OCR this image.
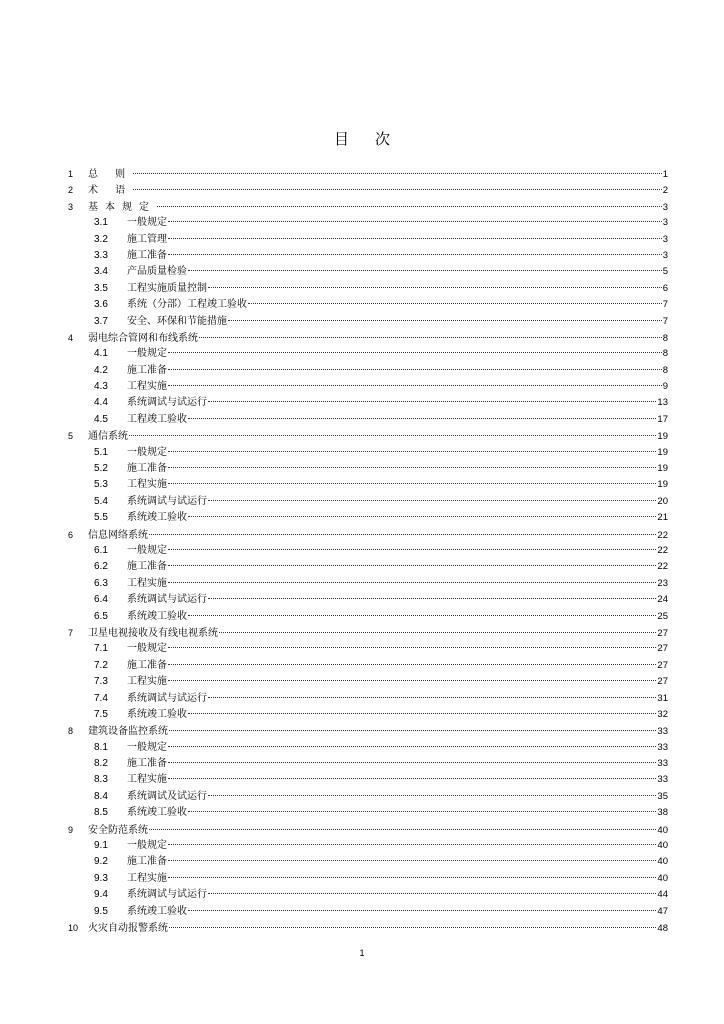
目次
1	总 则	1
2	术 语	2
3	基本规定	3
3.1	一般规定	3
3.2	施工管理	3
3.3	施工准备	3
3.4	产品质量检验	5
3.5	工程实施质量控制	6
3.6	系统（分部）工程竣工验收	7
3.7	安全、环保和节能措施	7
4	弱电综合管网和布线系统	8
4.1	一般规定	8
4.2	施工准备	8
4.3	工程实施	9
4.4	系统调试与试运行	13
4.5	工程竣工验收	17
5	通信系统	19
5.1	一般规定	19
5.2	施工准备	19
5.3	工程实施	19
5.4	系统调试与试运行	20
5.5	系统竣工验收	21
6	信息网络系统	22
6.1	一般规定	22
6.2	施工准备	22
6.3	工程实施	23
6.4	系统调试与试运行	24
6.5	系统竣工验收	25
7	卫星电视接收及有线电视系统	27
7.1	一般规定	27
7.2	施工准备	27
7.3	工程实施	27
7.4	系统调试与试运行	31
7.5	系统竣工验收	32
8	建筑设备监控系统	33
8.1	一般规定	33
8.2	施工准备	33
8.3	工程实施	33
8.4	系统调试及试运行	35
8.5	系统竣工验收	38
9	安全防范系统	40
9.1	一般规定	40
9.2	施工准备	40
9.3	工程实施	40
9.4	系统调试与试运行	44
9.5	系统竣工验收	47
10 火灾自动报警系统	48
1
